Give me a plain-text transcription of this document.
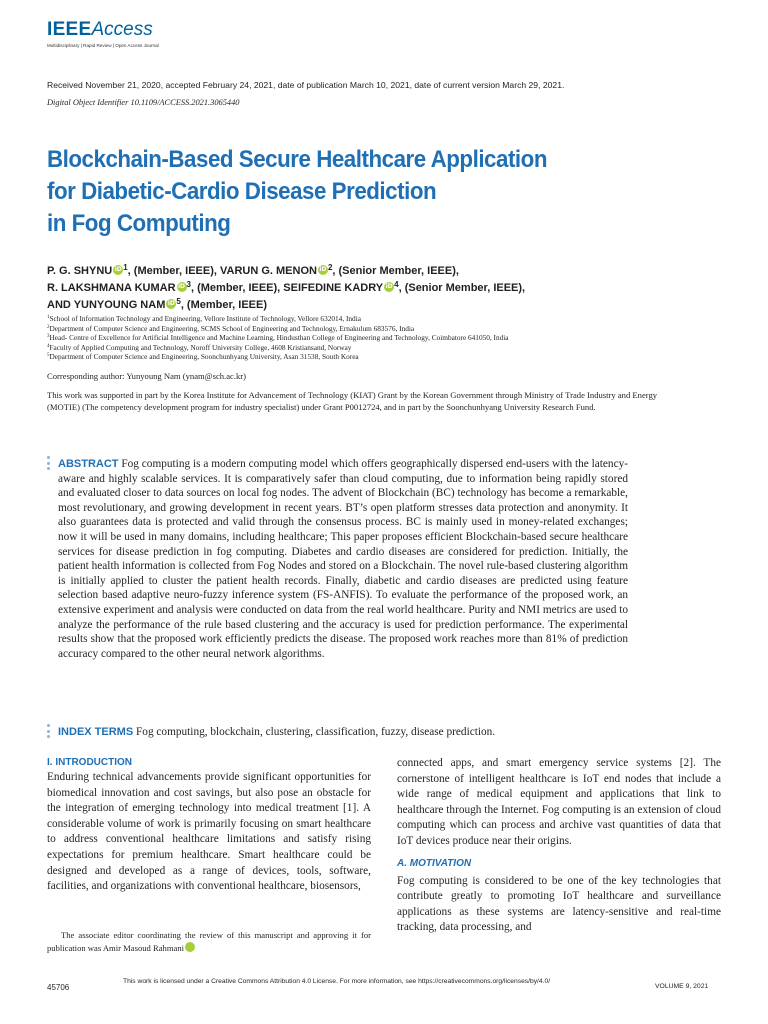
IEEEAccess
Multidisciplinary | Rapid Review | Open Access Journal
Received November 21, 2020, accepted February 24, 2021, date of publication March 10, 2021, date of current version March 29, 2021.
Digital Object Identifier 10.1109/ACCESS.2021.3065440
Blockchain-Based Secure Healthcare Application
for Diabetic-Cardio Disease Prediction
in Fog Computing
P. G. SHYNU $iD^1$, (Member, IEEE), VARUN G. MENON $iD^2$, (Senior Member, IEEE),
R. LAKSHMANA KUMAR $iD^3$, (Member, IEEE), SEIFEDINE KADRY $iD^4$, (Senior Member, IEEE),
AND YUNYOUNG NAM $iD^5$, (Member, IEEE)
$^1$School of Information Technology and Engineering, Vellore Institute of Technology, Vellore 632014, India
$^2$Department of Computer Science and Engineering, SCMS School of Engineering and Technology, Ernakulum 683576, India
$^3$Head- Centre of Excellence for Artificial Intelligence and Machine Learning, Hindusthan College of Engineering and Technology, Coimbatore 641050, India
$^4$Faculty of Applied Computing and Technology, Noroff University College, 4608 Kristiansand, Norway
$^5$Department of Computer Science and Engineering, Soonchunhyang University, Asan 31538, South Korea
Corresponding author: Yunyoung Nam (ynam@sch.ac.kr)
This work was supported in part by the Korea Institute for Advancement of Technology (KIAT) Grant by the Korean Government through Ministry of Trade Industry and Energy (MOTIE) (The competency development program for industry specialist) under Grant P0012724, and in part by the Soonchunhyang University Research Fund.
ABSTRACT Fog computing is a modern computing model which offers geographically dispersed end-users with the latency-aware and highly scalable services. It is comparatively safer than cloud computing, due to information being rapidly stored and evaluated closer to data sources on local fog nodes. The advent of Blockchain (BC) technology has become a remarkable, most revolutionary, and growing development in recent years. BT’s open platform stresses data protection and anonymity. It also guarantees data is protected and valid through the consensus process. BC is mainly used in money-related exchanges; now it will be used in many domains, including healthcare; This paper proposes efficient Blockchain-based secure healthcare services for disease prediction in fog computing. Diabetes and cardio diseases are considered for prediction. Initially, the patient health information is collected from Fog Nodes and stored on a Blockchain. The novel rule-based clustering algorithm is initially applied to cluster the patient health records. Finally, diabetic and cardio diseases are predicted using feature selection based adaptive neuro-fuzzy inference system (FS-ANFIS). To evaluate the performance of the proposed work, an extensive experiment and analysis were conducted on data from the real world healthcare. Purity and NMI metrics are used to analyze the performance of the rule based clustering and the accuracy is used for prediction performance. The experimental results show that the proposed work efficiently predicts the disease. The proposed work reaches more than 81% of prediction accuracy compared to the other neural network algorithms.
INDEX TERMS Fog computing, blockchain, clustering, classification, fuzzy, disease prediction.
I. INTRODUCTION
Enduring technical advancements provide significant opportunities for biomedical innovation and cost savings, but also pose an obstacle for the integration of emerging technology into medical treatment [1]. A considerable volume of work is primarily focusing on smart healthcare to address conventional healthcare limitations and satisfy rising expectations for premium healthcare. Smart healthcare could be designed and developed as a range of devices, tools, software, facilities, and organizations with conventional healthcare, biosensors,
The associate editor coordinating the review of this manuscript and approving it for publication was Amir Masoud Rahmani	iD
connected apps, and smart emergency service systems [2]. The cornerstone of intelligent healthcare is IoT end nodes that include a wide range of medical equipment and applications that link to healthcare through the Internet. Fog computing is an extension of cloud computing which can process and archive vast quantities of data that IoT devices produce near their origins.
A. MOTIVATION
Fog computing is considered to be one of the key technologies that contribute greatly to promoting IoT healthcare and surveillance applications as these systems are latency-sensitive and real-time tracking, data processing, and
45706
This work is licensed under a Creative Commons Attribution 4.0 License. For more information, see https://creativecommons.org/licenses/by/4.0/
VOLUME 9, 2021
